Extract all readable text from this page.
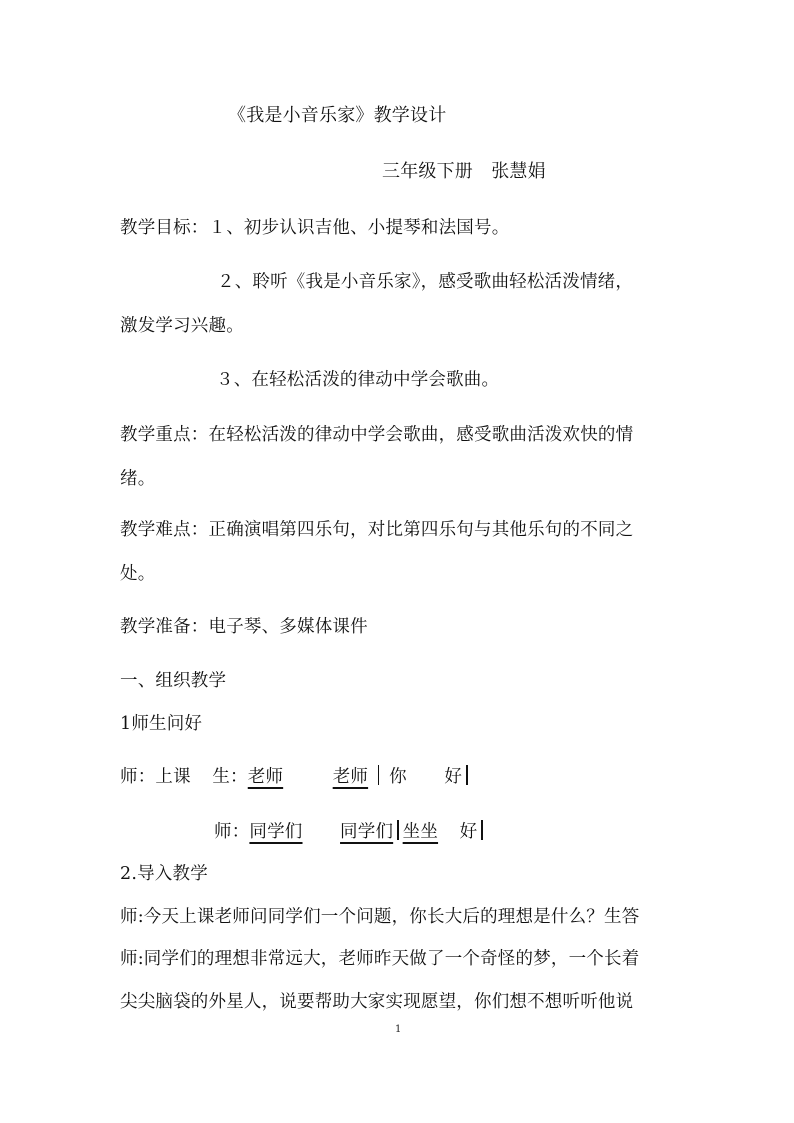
《我是小音乐家》教学设计
三年级下册　张慧娟
教学目标：１、初步认识吉他、小提琴和法国号。
２、聆听《我是小音乐家》，感受歌曲轻松活泼情绪，
激发学习兴趣。
３、在轻松活泼的律动中学会歌曲。
教学重点：在轻松活泼的律动中学会歌曲，感受歌曲活泼欢快的情
绪。
教学难点：正确演唱第四乐句，对比第四乐句与其他乐句的不同之
处。
教学准备：电子琴、多媒体课件
一、组织教学
1师生问好
师：上课 生：老师	老师 你 好
师：同学们 同学们 坐坐 好
2.导入教学
师:今天上课老师问同学们一个问题，你长大后的理想是什么？生答
师:同学们的理想非常远大，老师昨天做了一个奇怪的梦，一个长着
尖尖脑袋的外星人，说要帮助大家实现愿望，你们想不想听听他说
1
